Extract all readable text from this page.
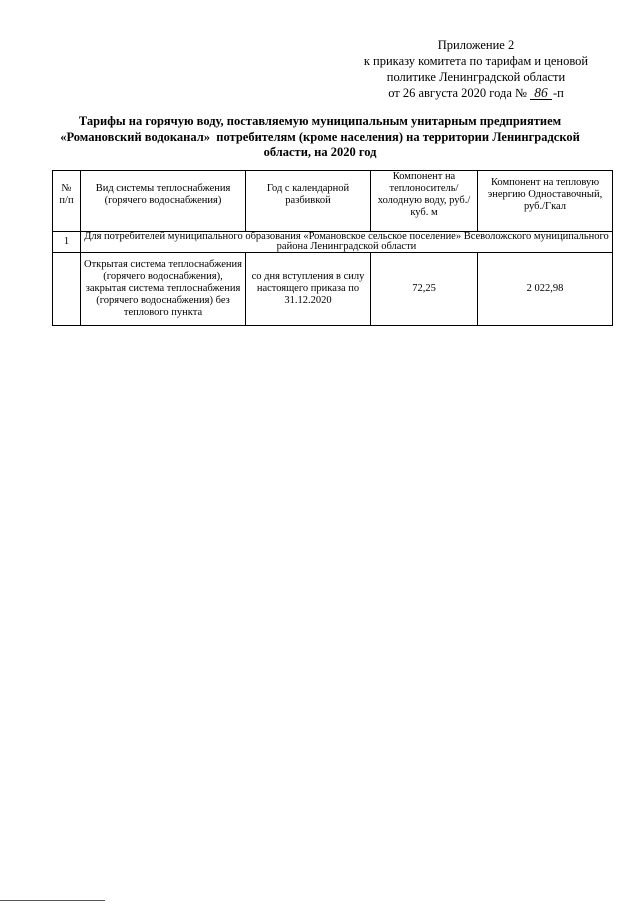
Приложение 2
к приказу комитета по тарифам и ценовой
политике Ленинградской области
от 26 августа 2020 года № 86 -п
Тарифы на горячую воду, поставляемую муниципальным унитарным предприятием
«Романовский водоканал»  потребителям (кроме населения) на территории Ленинградской
области, на 2020 год
№ п/п	Вид системы теплоснабжения (горячего водоснабжения)	Год с календарной разбивкой	Компонент на теплоноситель/холодную воду, руб./куб. м	Компонент на тепловую энергию Одноставочный, руб./Гкал
1	Для потребителей муниципального образования «Романовское сельское поселение» Всеволожского муниципального района Ленинградской области			
	Открытая система теплоснабжения (горячего водоснабжения), закрытая система теплоснабжения (горячего водоснабжения) без теплового пункта	со дня вступления в силу настоящего приказа по 31.12.2020	72,25	2 022,98
